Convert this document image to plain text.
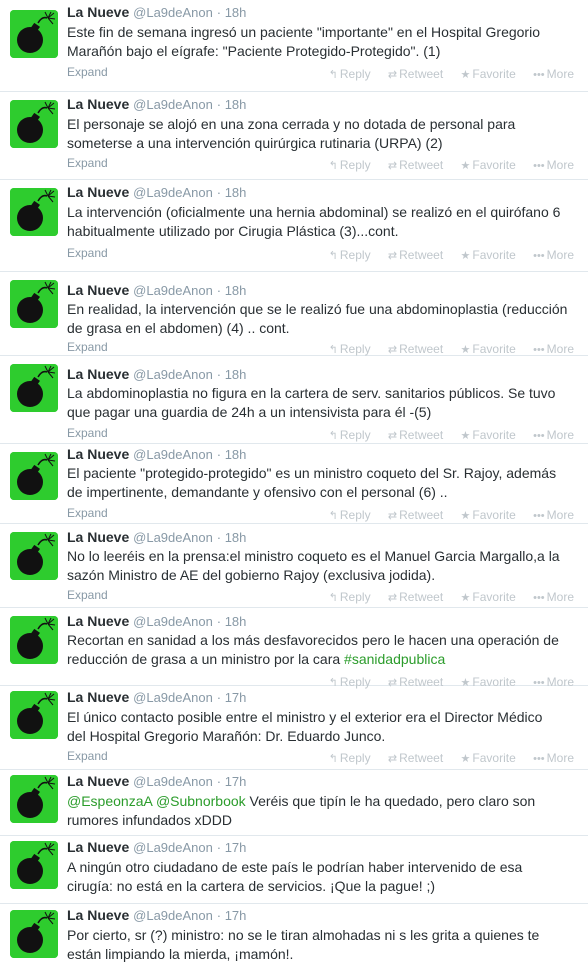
La Nueve @La9deAnon · 18h
Este fin de semana ingresó un paciente "importante" en el Hospital Gregorio
Marañón bajo el eígrafe: "Paciente Protegido-Protegido". (1)
Expand	↰ Reply ⇄ Retweet ★ Favorite ••• More
La Nueve @La9deAnon · 18h
El personaje se alojó en una zona cerrada y no dotada de personal para
someterse a una intervención quirúrgica rutinaria (URPA) (2)
Expand	↰ Reply ⇄ Retweet ★ Favorite ••• More
La Nueve @La9deAnon · 18h
La intervención (oficialmente una hernia abdominal) se realizó en el quirófano 6
habitualmente utilizado por Cirugia Plástica (3)...cont.
Expand	↰ Reply ⇄ Retweet ★ Favorite ••• More
La Nueve @La9deAnon · 18h
En realidad, la intervención que se le realizó fue una abdominoplastia (reducción
de grasa en el abdomen) (4) .. cont.
Expand	↰ Reply ⇄ Retweet ★ Favorite ••• More
La Nueve @La9deAnon · 18h
La abdominoplastia no figura en la cartera de serv. sanitarios públicos. Se tuvo
que pagar una guardia de 24h a un intensivista para él -(5)
Expand	↰ Reply ⇄ Retweet ★ Favorite ••• More
La Nueve @La9deAnon · 18h
El paciente "protegido-protegido" es un ministro coqueto del Sr. Rajoy, además
de impertinente, demandante y ofensivo con el personal (6) ..
Expand	↰ Reply ⇄ Retweet ★ Favorite ••• More
La Nueve @La9deAnon · 18h
No lo leeréis en la prensa:el ministro coqueto es el Manuel Garcia Margallo,a la
sazón Ministro de AE del gobierno Rajoy (exclusiva jodida).
Expand	↰ Reply ⇄ Retweet ★ Favorite ••• More
La Nueve @La9deAnon · 18h
Recortan en sanidad a los más desfavorecidos pero le hacen una operación de
reducción de grasa a un ministro por la cara #sanidadpublica
↰ Reply ⇄ Retweet ★ Favorite ••• More
La Nueve @La9deAnon · 17h
El único contacto posible entre el ministro y el exterior era el Director Médico
del Hospital Gregorio Marañón: Dr. Eduardo Junco.
Expand	↰ Reply ⇄ Retweet ★ Favorite ••• More
La Nueve @La9deAnon · 17h
@EspeonzaA @Subnorbook Veréis que tipín le ha quedado, pero claro son
rumores infundados xDDD
La Nueve @La9deAnon · 17h
A ningún otro ciudadano de este país le podrían haber intervenido de esa
cirugía: no está en la cartera de servicios. ¡Que la pague! ;)
La Nueve @La9deAnon · 17h
Por cierto, sr (?) ministro: no se le tiran almohadas ni s les grita a quienes te
están limpiando la mierda, ¡mamón!.
